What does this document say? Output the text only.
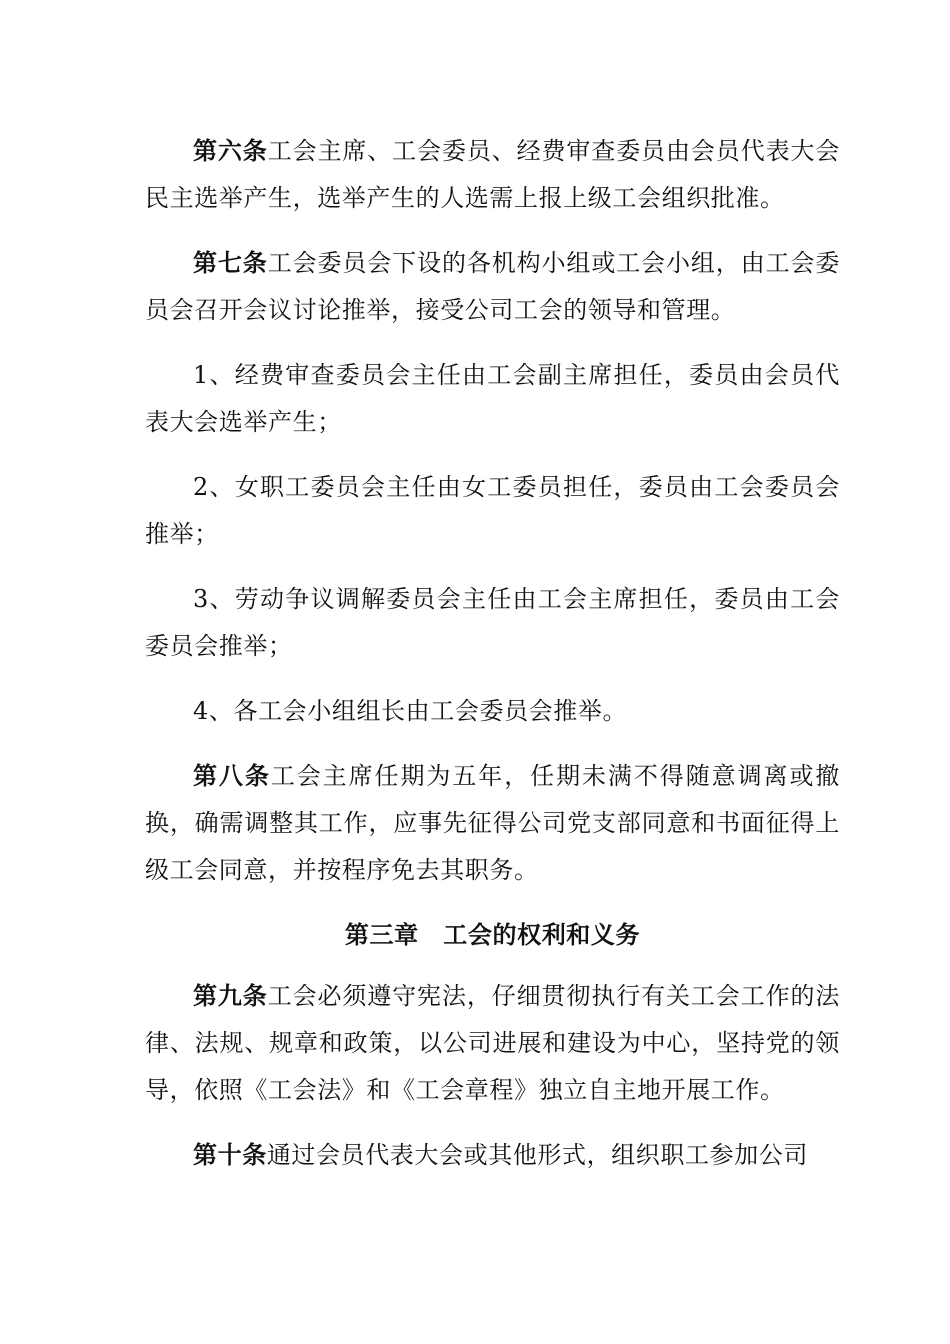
第六条工会主席、工会委员、经费审查委员由会员代表大会民主选举产生，选举产生的人选需上报上级工会组织批准。

第七条工会委员会下设的各机构小组或工会小组，由工会委员会召开会议讨论推举，接受公司工会的领导和管理。

1、经费审查委员会主任由工会副主席担任，委员由会员代表大会选举产生；

2、女职工委员会主任由女工委员担任，委员由工会委员会推举；

3、劳动争议调解委员会主任由工会主席担任，委员由工会委员会推举；

4、各工会小组组长由工会委员会推举。

第八条工会主席任期为五年，任期未满不得随意调离或撤换，确需调整其工作，应事先征得公司党支部同意和书面征得上级工会同意，并按程序免去其职务。

第三章　工会的权利和义务

第九条工会必须遵守宪法，仔细贯彻执行有关工会工作的法律、法规、规章和政策，以公司进展和建设为中心，坚持党的领导，依照《工会法》和《工会章程》独立自主地开展工作。

第十条通过会员代表大会或其他形式，组织职工参加公司
